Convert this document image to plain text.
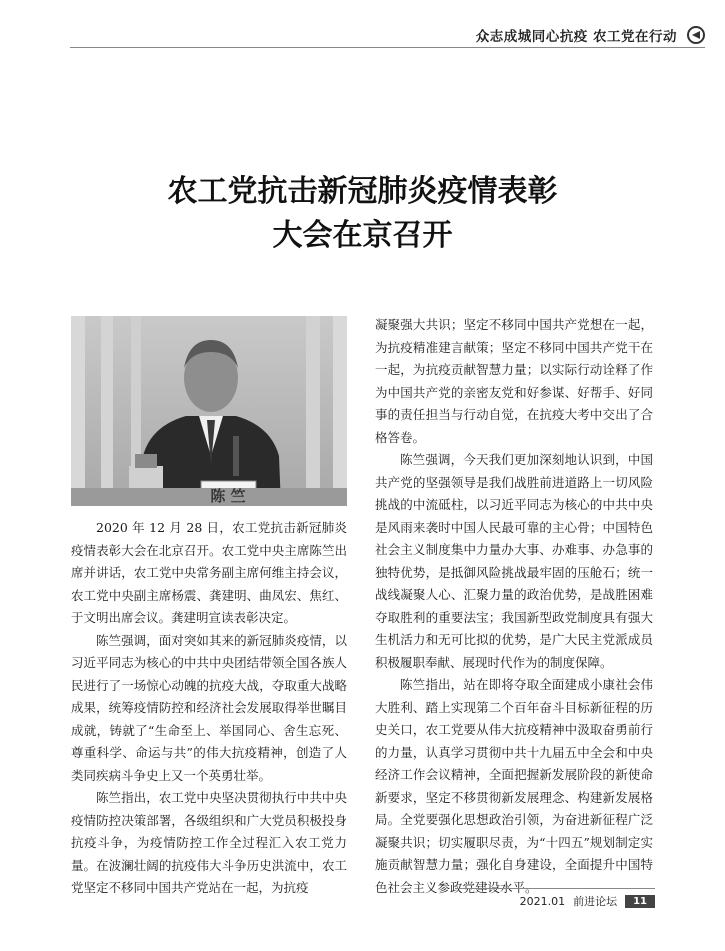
众志成城同心抗疫 农工党在行动
农工党抗击新冠肺炎疫情表彰
大会在京召开
陈 竺

2020 年 12 月 28 日，农工党抗击新冠肺炎疫情表彰大会在北京召开。农工党中央主席陈竺出席并讲话，农工党中央常务副主席何维主持会议，农工党中央副主席杨震、龚建明、曲凤宏、焦红、于文明出席会议。龚建明宣读表彰决定。

陈竺强调，面对突如其来的新冠肺炎疫情，以习近平同志为核心的中共中央团结带领全国各族人民进行了一场惊心动魄的抗疫大战，夺取重大战略成果，统筹疫情防控和经济社会发展取得举世瞩目成就，铸就了“生命至上、举国同心、舍生忘死、尊重科学、命运与共”的伟大抗疫精神，创造了人类同疾病斗争史上又一个英勇壮举。

陈竺指出，农工党中央坚决贯彻执行中共中央疫情防控决策部署，各级组织和广大党员积极投身抗疫斗争，为疫情防控工作全过程汇入农工党力量。在波澜壮阔的抗疫伟大斗争历史洪流中，农工党坚定不移同中国共产党站在一起，为抗疫

凝聚强大共识；坚定不移同中国共产党想在一起，为抗疫精准建言献策；坚定不移同中国共产党干在一起，为抗疫贡献智慧力量；以实际行动诠释了作为中国共产党的亲密友党和好参谋、好帮手、好同事的责任担当与行动自觉，在抗疫大考中交出了合格答卷。

陈竺强调，今天我们更加深刻地认识到，中国共产党的坚强领导是我们战胜前进道路上一切风险挑战的中流砥柱，以习近平同志为核心的中共中央是风雨来袭时中国人民最可靠的主心骨；中国特色社会主义制度集中力量办大事、办难事、办急事的独特优势，是抵御风险挑战最牢固的压舱石；统一战线凝聚人心、汇聚力量的政治优势，是战胜困难夺取胜利的重要法宝；我国新型政党制度具有强大生机活力和无可比拟的优势，是广大民主党派成员积极履职奉献、展现时代作为的制度保障。

陈竺指出，站在即将夺取全面建成小康社会伟大胜利、踏上实现第二个百年奋斗目标新征程的历史关口，农工党要从伟大抗疫精神中汲取奋勇前行的力量，认真学习贯彻中共十九届五中全会和中央经济工作会议精神，全面把握新发展阶段的新使命新要求，坚定不移贯彻新发展理念、构建新发展格局。全党要强化思想政治引领，为奋进新征程广泛凝聚共识；切实履职尽责，为“十四五”规划制定实施贡献智慧力量；强化自身建设，全面提升中国特色社会主义参政党建设水平。

2021.01 前进论坛	11
